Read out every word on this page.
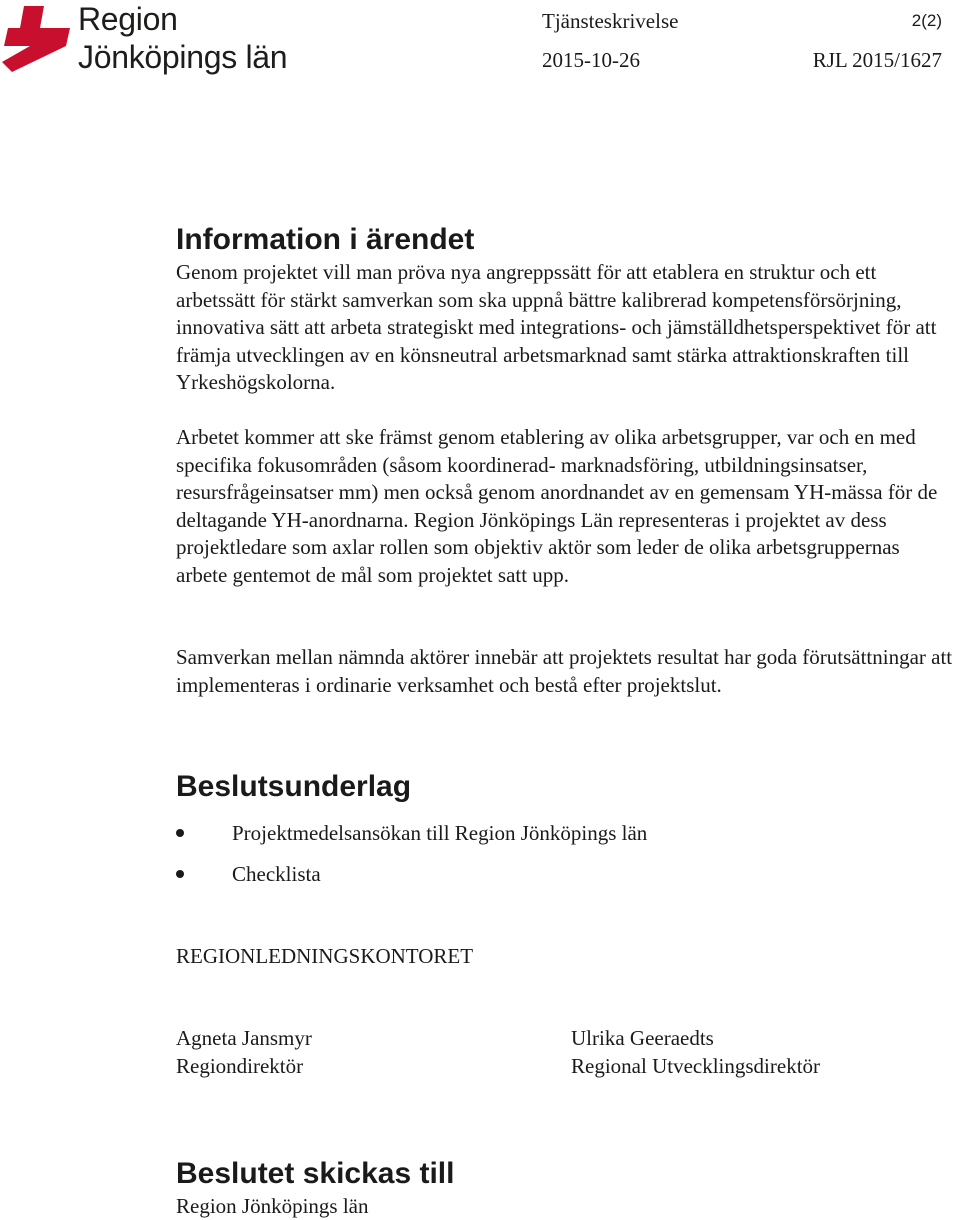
Region
Jönköpings län
Tjänsteskrivelse	2(2)
2015-10-26	RJL 2015/1627
Information i ärendet

Genom projektet vill man pröva nya angreppssätt för att etablera en struktur och ett arbetssätt för stärkt samverkan som ska uppnå bättre kalibrerad kompetensförsörjning, innovativa sätt att arbeta strategiskt med integrations- och jämställdhetsperspektivet för att främja utvecklingen av en könsneutral arbetsmarknad samt stärka attraktionskraften till Yrkeshögskolorna.

Arbetet kommer att ske främst genom etablering av olika arbetsgrupper, var och en med specifika fokusområden (såsom koordinerad- marknadsföring, utbildningsinsatser, resursfrågeinsatser mm) men också genom anordnandet av en gemensam YH-mässa för de deltagande YH-anordnarna. Region Jönköpings Län representeras i projektet av dess projektledare som axlar rollen som objektiv aktör som leder de olika arbetsgruppernas arbete gentemot de mål som projektet satt upp.

Samverkan mellan nämnda aktörer innebär att projektets resultat har goda förutsättningar att implementeras i ordinarie verksamhet och bestå efter projektslut.

Beslutsunderlag
Projektmedelsansökan till Region Jönköpings län
Checklista
REGIONLEDNINGSKONTORET
Agneta Jansmyr
Regiondirektör
Ulrika Geeraedts
Regional Utvecklingsdirektör
Beslutet skickas till
Region Jönköpings län
